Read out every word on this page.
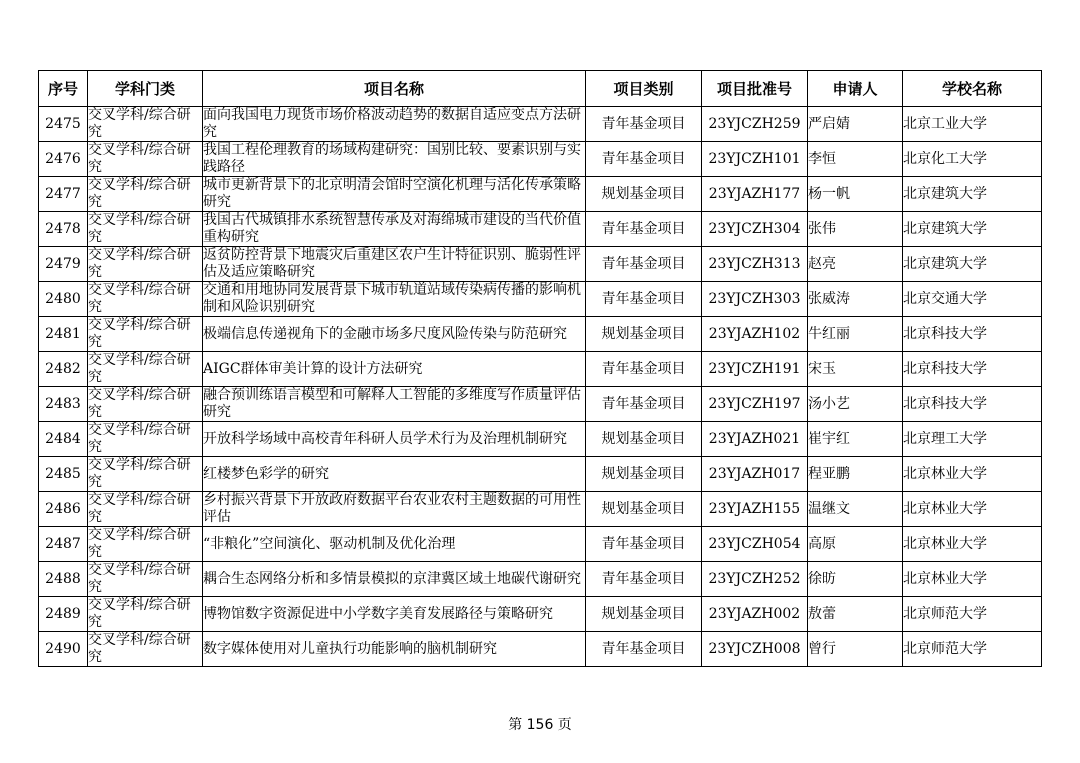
序号	学科门类	项目名称	项目类别	项目批准号	申请人	学校名称

2475	交叉学科/综合研究	面向我国电力现货市场价格波动趋势的数据自适应变点方法研究	青年基金项目	23YJCZH259	严启婧	北京工业大学

2476	交叉学科/综合研究	我国工程伦理教育的场域构建研究：国别比较、要素识别与实践路径	青年基金项目	23YJCZH101	李恒	北京化工大学

2477	交叉学科/综合研究	城市更新背景下的北京明清会馆时空演化机理与活化传承策略研究	规划基金项目	23YJAZH177	杨一帆	北京建筑大学

2478	交叉学科/综合研究	我国古代城镇排水系统智慧传承及对海绵城市建设的当代价值重构研究	青年基金项目	23YJCZH304	张伟	北京建筑大学

2479	交叉学科/综合研究	返贫防控背景下地震灾后重建区农户生计特征识别、脆弱性评估及适应策略研究	青年基金项目	23YJCZH313	赵亮	北京建筑大学

2480	交叉学科/综合研究	交通和用地协同发展背景下城市轨道站域传染病传播的影响机制和风险识别研究	青年基金项目	23YJCZH303	张威涛	北京交通大学

2481	交叉学科/综合研究	极端信息传递视角下的金融市场多尺度风险传染与防范研究	规划基金项目	23YJAZH102	牛红丽	北京科技大学

2482	交叉学科/综合研究	AIGC群体审美计算的设计方法研究	青年基金项目	23YJCZH191	宋玉	北京科技大学

2483	交叉学科/综合研究	融合预训练语言模型和可解释人工智能的多维度写作质量评估研究	青年基金项目	23YJCZH197	汤小艺	北京科技大学

2484	交叉学科/综合研究	开放科学场域中高校青年科研人员学术行为及治理机制研究	规划基金项目	23YJAZH021	崔宇红	北京理工大学

2485	交叉学科/综合研究	红楼梦色彩学的研究	规划基金项目	23YJAZH017	程亚鹏	北京林业大学

2486	交叉学科/综合研究	乡村振兴背景下开放政府数据平台农业农村主题数据的可用性评估	规划基金项目	23YJAZH155	温继文	北京林业大学

2487	交叉学科/综合研究	“非粮化”空间演化、驱动机制及优化治理	青年基金项目	23YJCZH054	高原	北京林业大学

2488	交叉学科/综合研究	耦合生态网络分析和多情景模拟的京津冀区域土地碳代谢研究	青年基金项目	23YJCZH252	徐昉	北京林业大学

2489	交叉学科/综合研究	博物馆数字资源促进中小学数字美育发展路径与策略研究	规划基金项目	23YJAZH002	敖蕾	北京师范大学

2490	交叉学科/综合研究	数字媒体使用对儿童执行功能影响的脑机制研究	青年基金项目	23YJCZH008	曾行	北京师范大学
第 156 页
